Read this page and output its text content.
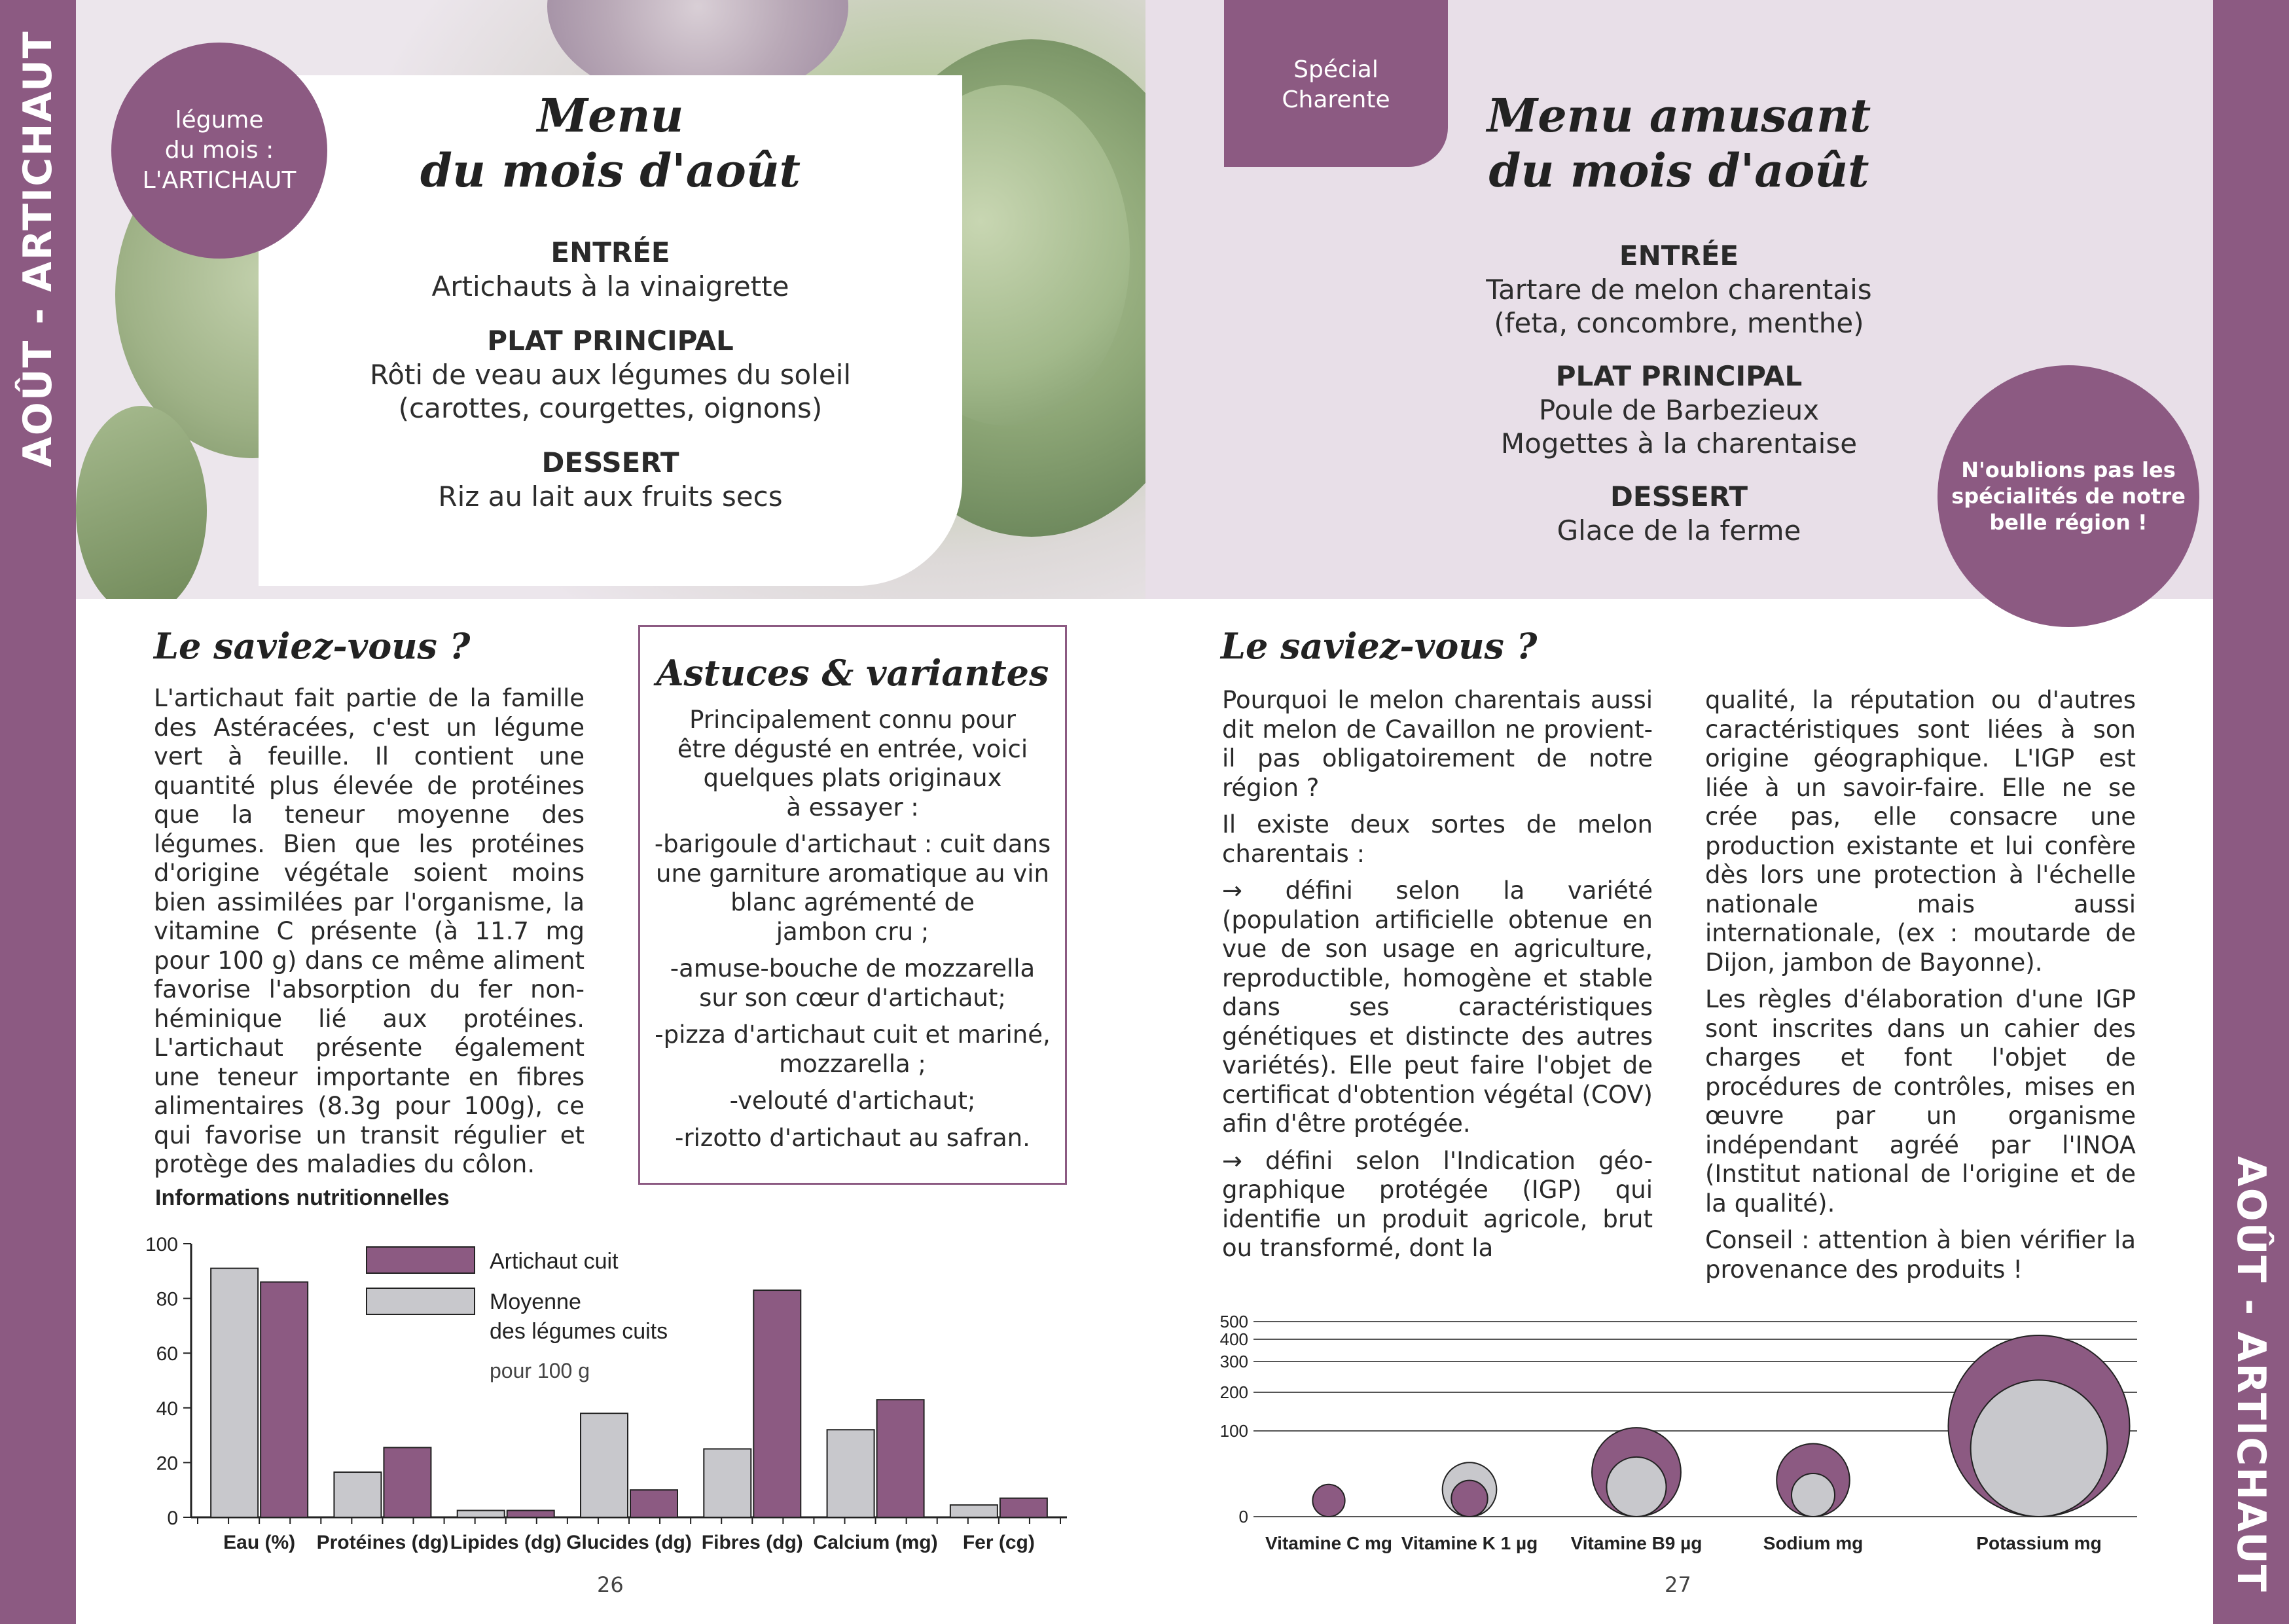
AOÛT - ARTICHAUT
AOÛT - ARTICHAUT
Menu
du mois d'août
ENTRÉE
Artichauts à la vinaigrette
PLAT PRINCIPAL
Rôti de veau aux légumes du soleil
(carottes, courgettes, oignons)
DESSERT
Riz au lait aux fruits secs
légume
du mois :
L'ARTICHAUT
Spécial
Charente	Menu amusant
du mois d'août
ENTRÉE
Tartare de melon charentais
(feta, concombre, menthe)
PLAT PRINCIPAL
Poule de Barbezieux
Mogettes à la charentaise
DESSERT
Glace de la ferme
N'oublions pas les
spécialités de notre
belle région !
Le saviez-vous ?

L'artichaut fait partie de la famille des Astéracées, c'est un légume vert à feuille. Il contient une quantité plus élevée de protéines que la teneur moyenne des légumes. Bien que les protéines d'origine végétale soient moins bien assimilées par l'organisme, la vitamine C présente (à 11.7 mg pour 100 g) dans ce même aliment favorise l'absorption du fer non-héminique lié aux protéines. L'artichaut présente également une teneur importante en fibres alimentaires (8.3g pour 100g), ce qui favorise un transit régulier et protège des maladies du côlon.

Astuces & variantes

Principalement connu pour
être dégusté en entrée, voici
quelques plats originaux
à essayer :

-barigoule d'artichaut : cuit dans
une garniture aromatique au vin
blanc agrémenté de
jambon cru ;

-amuse-bouche de mozzarella
sur son cœur d'artichaut;

-pizza d'artichaut cuit et mariné,
mozzarella ;

-velouté d'artichaut;

-rizotto d'artichaut au safran.

Le saviez-vous ?

Pourquoi le melon charentais aussi dit melon de Cavaillon ne provient-il pas obligatoirement de notre région ?

Il existe deux sortes de melon charentais :

→ défini selon la variété (population artificielle obtenue en vue de son usage en agriculture, reproductible, homogène et stable dans ses caractéristiques génétiques et distincte des autres variétés). Elle peut faire l'objet de certificat d'obtention végétal (COV) afin d'être protégée.

→ défini selon l'Indication géo-graphique protégée (IGP) qui identifie un produit agricole, brut ou transformé, dont la

qualité, la réputation ou d'autres caractéristiques sont liées à son origine géographique. L'IGP est liée à un savoir-faire. Elle ne se crée pas, elle consacre une production existante et lui confère dès lors une protection à l'échelle nationale mais aussi internationale, (ex : moutarde de Dijon, jambon de Bayonne).

Les règles d'élaboration d'une IGP sont inscrites dans un cahier des charges et font l'objet de procédures de contrôles, mises en œuvre par un organisme indépendant agréé par l'INOA (Institut national de l'origine et de la qualité).

Conseil : attention à bien vérifier la provenance des produits !

Informations nutritionnelles
0
20
40
60
80
100
Eau (%) Protéines (dg) Lipides (dg) Glucides (dg) Fibres (dg) Calcium (mg) Fer (cg)
Artichaut cuit
Moyenne
des légumes cuits
pour 100 g
0
100
200
300
400
500
Vitamine C mg Vitamine K 1 µg Vitamine B9 µg	Sodium mg	Potassium mg
26	27
